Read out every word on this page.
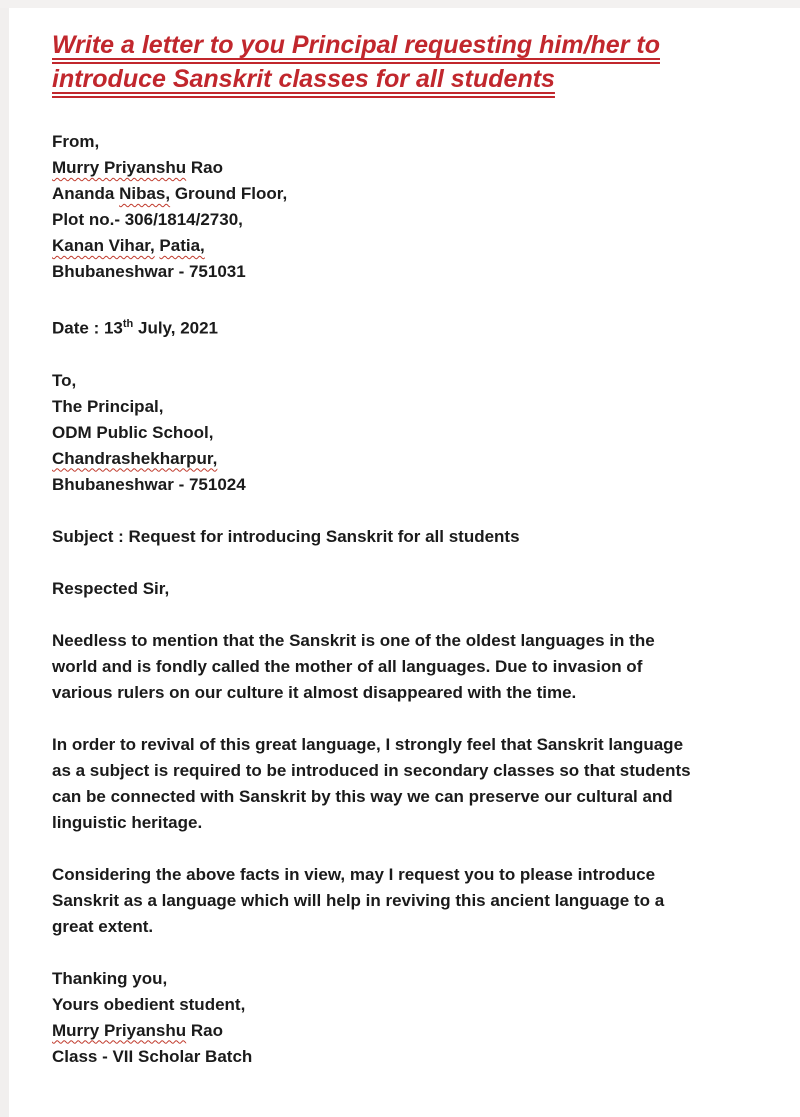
Write a letter to you Principal requesting him/her to
introduce Sanskrit classes for all students
From,
Murry Priyanshu Rao
Ananda Nibas, Ground Floor,
Plot no.- 306/1814/2730,
Kanan Vihar, Patia,
Bhubaneshwar - 751031
Date : 13th July, 2021
To,
The Principal,
ODM Public School,
Chandrashekharpur,
Bhubaneshwar - 751024
Subject : Request for introducing Sanskrit for all students
Respected Sir,
Needless to mention that the Sanskrit is one of the oldest languages in the
world and is fondly called the mother of all languages. Due to invasion of
various rulers on our culture it almost disappeared with the time.
In order to revival of this great language, I strongly feel that Sanskrit language
as a subject is required to be introduced in secondary classes so that students
can be connected with Sanskrit by this way we can preserve our cultural and
linguistic heritage.
Considering the above facts in view, may I request you to please introduce
Sanskrit as a language which will help in reviving this ancient language to a
great extent.
Thanking you,
Yours obedient student,
Murry Priyanshu Rao
Class - VII Scholar Batch
